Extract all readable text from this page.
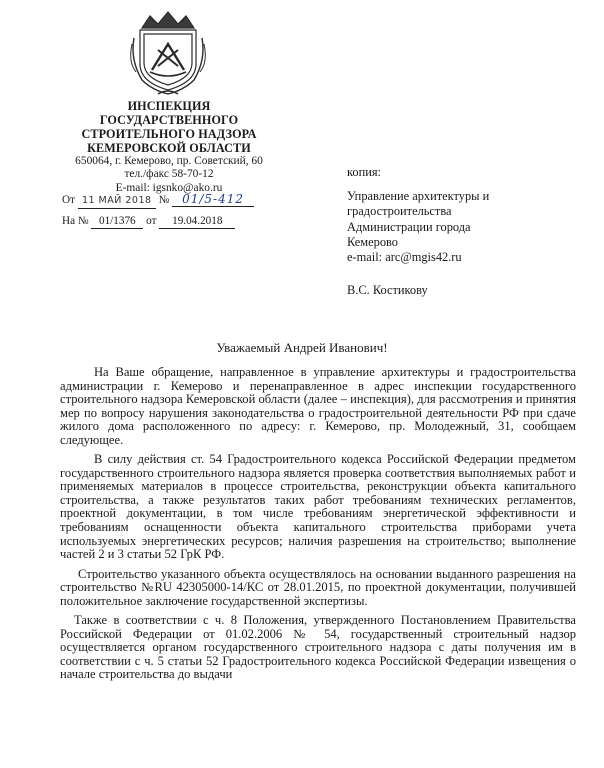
ИНСПЕКЦИЯ
ГОСУДАРСТВЕННОГО
СТРОИТЕЛЬНОГО НАДЗОРА
КЕМЕРОВСКОЙ ОБЛАСТИ
650064, г. Кемерово, пр. Советский, 60
тел./факс 58-70-12
E-mail: igsnko@ako.ru
От 11 МАЙ 2018 № 01/5-412
На № 01/1376 от 19.04.2018
копия:
Управление архитектуры и
градостроительства
Администрации города
Кемерово
e-mail: arc@mgis42.ru
В.С. Костикову
Уважаемый Андрей Иванович!

На Ваше обращение, направленное в управление архитектуры и градостроительства администрации г. Кемерово и перенаправленное в адрес инспекции государственного строительного надзора Кемеровской области (далее – инспекция), для рассмотрения и принятия мер по вопросу нарушения законодательства о градостроительной деятельности РФ при сдаче жилого дома расположенного по адресу: г. Кемерово, пр. Молодежный, 31, сообщаем следующее.

В силу действия ст. 54 Градостроительного кодекса Российской Федерации предметом государственного строительного надзора является проверка соответствия выполняемых работ и применяемых материалов в процессе строительства, реконструкции объекта капитального строительства, а также результатов таких работ требованиям технических регламентов, проектной документации, в том числе требованиям энергетической эффективности и требованиям оснащенности объекта капитального строительства приборами учета используемых энергетических ресурсов; наличия разрешения на строительство; выполнение частей 2 и 3 статьи 52 ГрК РФ.

Строительство указанного объекта осуществлялось на основании выданного разрешения на строительство №RU 42305000-14/КС от 28.01.2015, по проектной документации, получившей положительное заключение государственной экспертизы.

Также в соответствии с ч. 8 Положения, утвержденного Постановлением Правительства Российской Федерации от 01.02.2006 № 54, государственный строительный надзор осуществляется органом государственного строительного надзора с даты получения им в соответствии с ч. 5 статьи 52 Градостроительного кодекса Российской Федерации извещения о начале строительства до выдачи
